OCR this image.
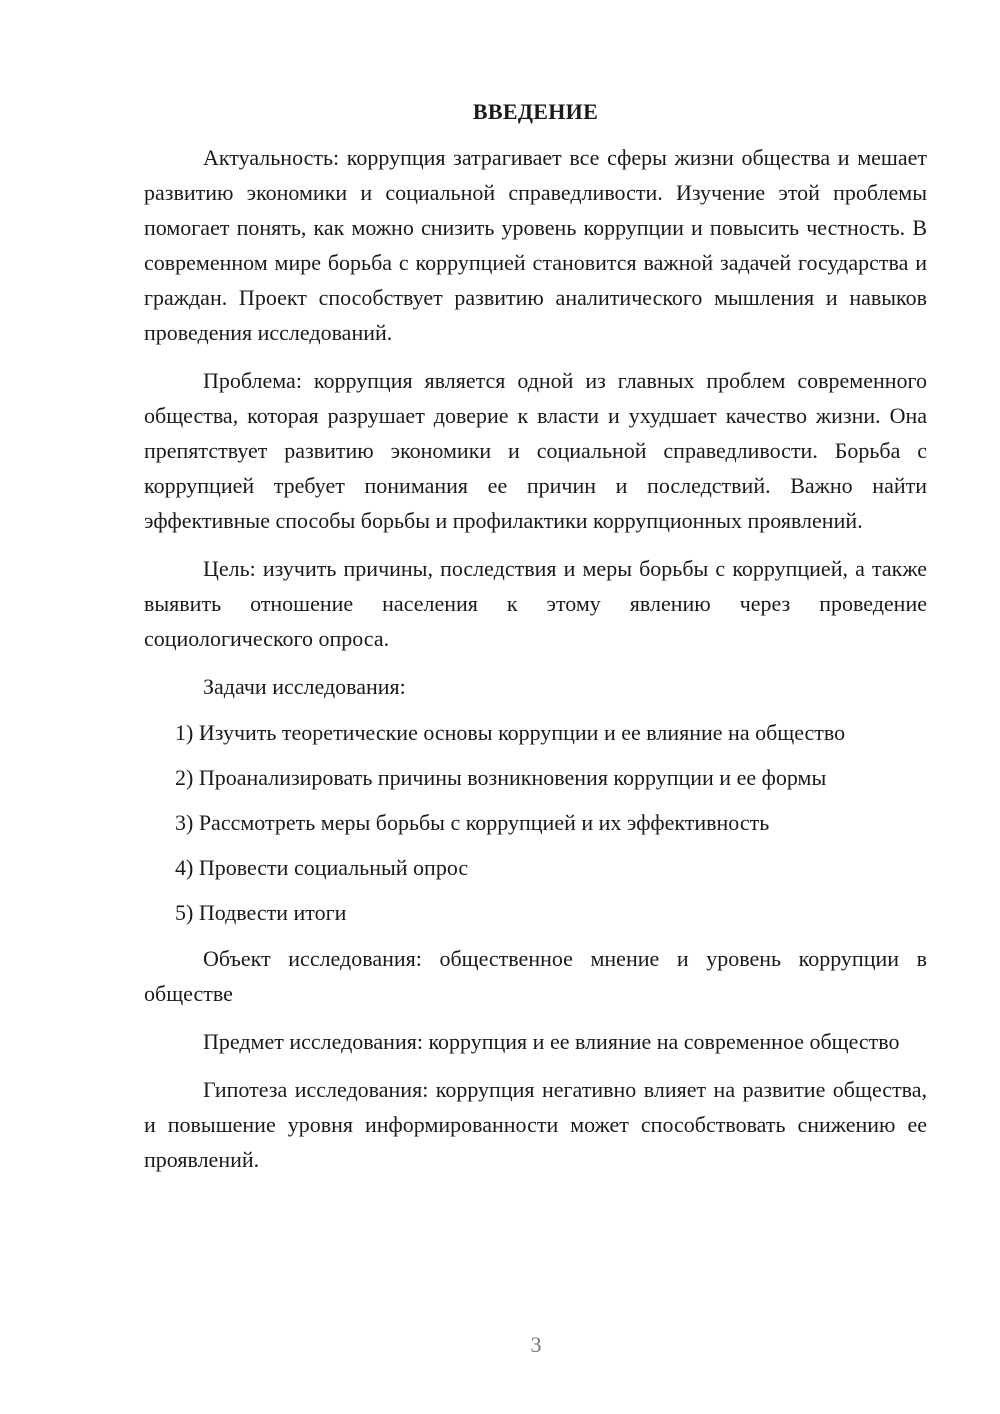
ВВЕДЕНИЕ

Актуальность: коррупция затрагивает все сферы жизни общества и мешает развитию экономики и социальной справедливости. Изучение этой проблемы помогает понять, как можно снизить уровень коррупции и повысить честность. В современном мире борьба с коррупцией становится важной задачей государства и граждан. Проект способствует развитию аналитического мышления и навыков проведения исследований.

Проблема: коррупция является одной из главных проблем современного общества, которая разрушает доверие к власти и ухудшает качество жизни. Она препятствует развитию экономики и социальной справедливости. Борьба с коррупцией требует понимания ее причин и последствий. Важно найти эффективные способы борьбы и профилактики коррупционных проявлений.

Цель: изучить причины, последствия и меры борьбы с коррупцией, а также выявить отношение населения к этому явлению через проведение социологического опроса.

Задачи исследования:

1) Изучить теоретические основы коррупции и ее влияние на общество

2) Проанализировать причины возникновения коррупции и ее формы

3) Рассмотреть меры борьбы с коррупцией и их эффективность

4) Провести социальный опрос

5) Подвести итоги

Объект исследования: общественное мнение и уровень коррупции в обществе

Предмет исследования: коррупция и ее влияние на современное общество

Гипотеза исследования: коррупция негативно влияет на развитие общества, и повышение уровня информированности может способствовать снижению ее проявлений.

3
